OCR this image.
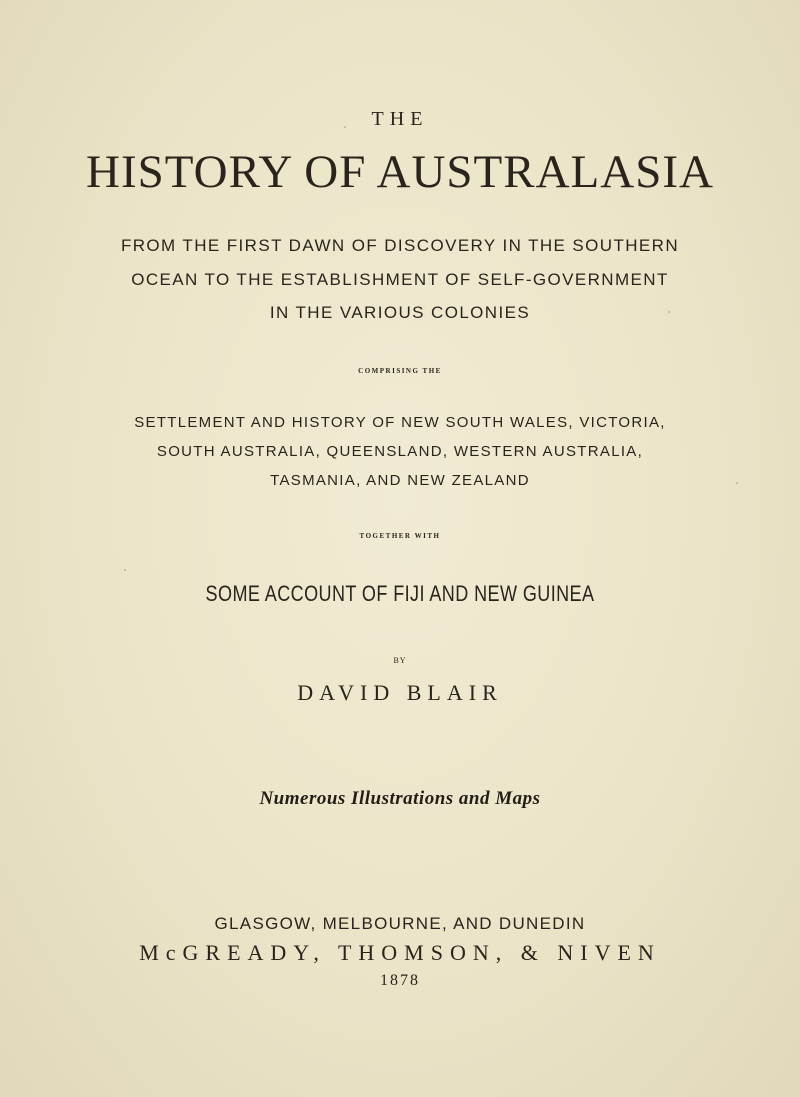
THE
HISTORY OF AUSTRALASIA
FROM THE FIRST DAWN OF DISCOVERY IN THE SOUTHERN
OCEAN TO THE ESTABLISHMENT OF SELF-GOVERNMENT
IN THE VARIOUS COLONIES
COMPRISING THE
SETTLEMENT AND HISTORY OF NEW SOUTH WALES, VICTORIA,
SOUTH AUSTRALIA, QUEENSLAND, WESTERN AUSTRALIA,
TASMANIA, AND NEW ZEALAND
TOGETHER WITH
SOME ACCOUNT OF FIJI AND NEW GUINEA
BY
DAVID BLAIR
Numerous Illustrations and Maps
GLASGOW, MELBOURNE, AND DUNEDIN
McGREADY, THOMSON, & NIVEN
1878
